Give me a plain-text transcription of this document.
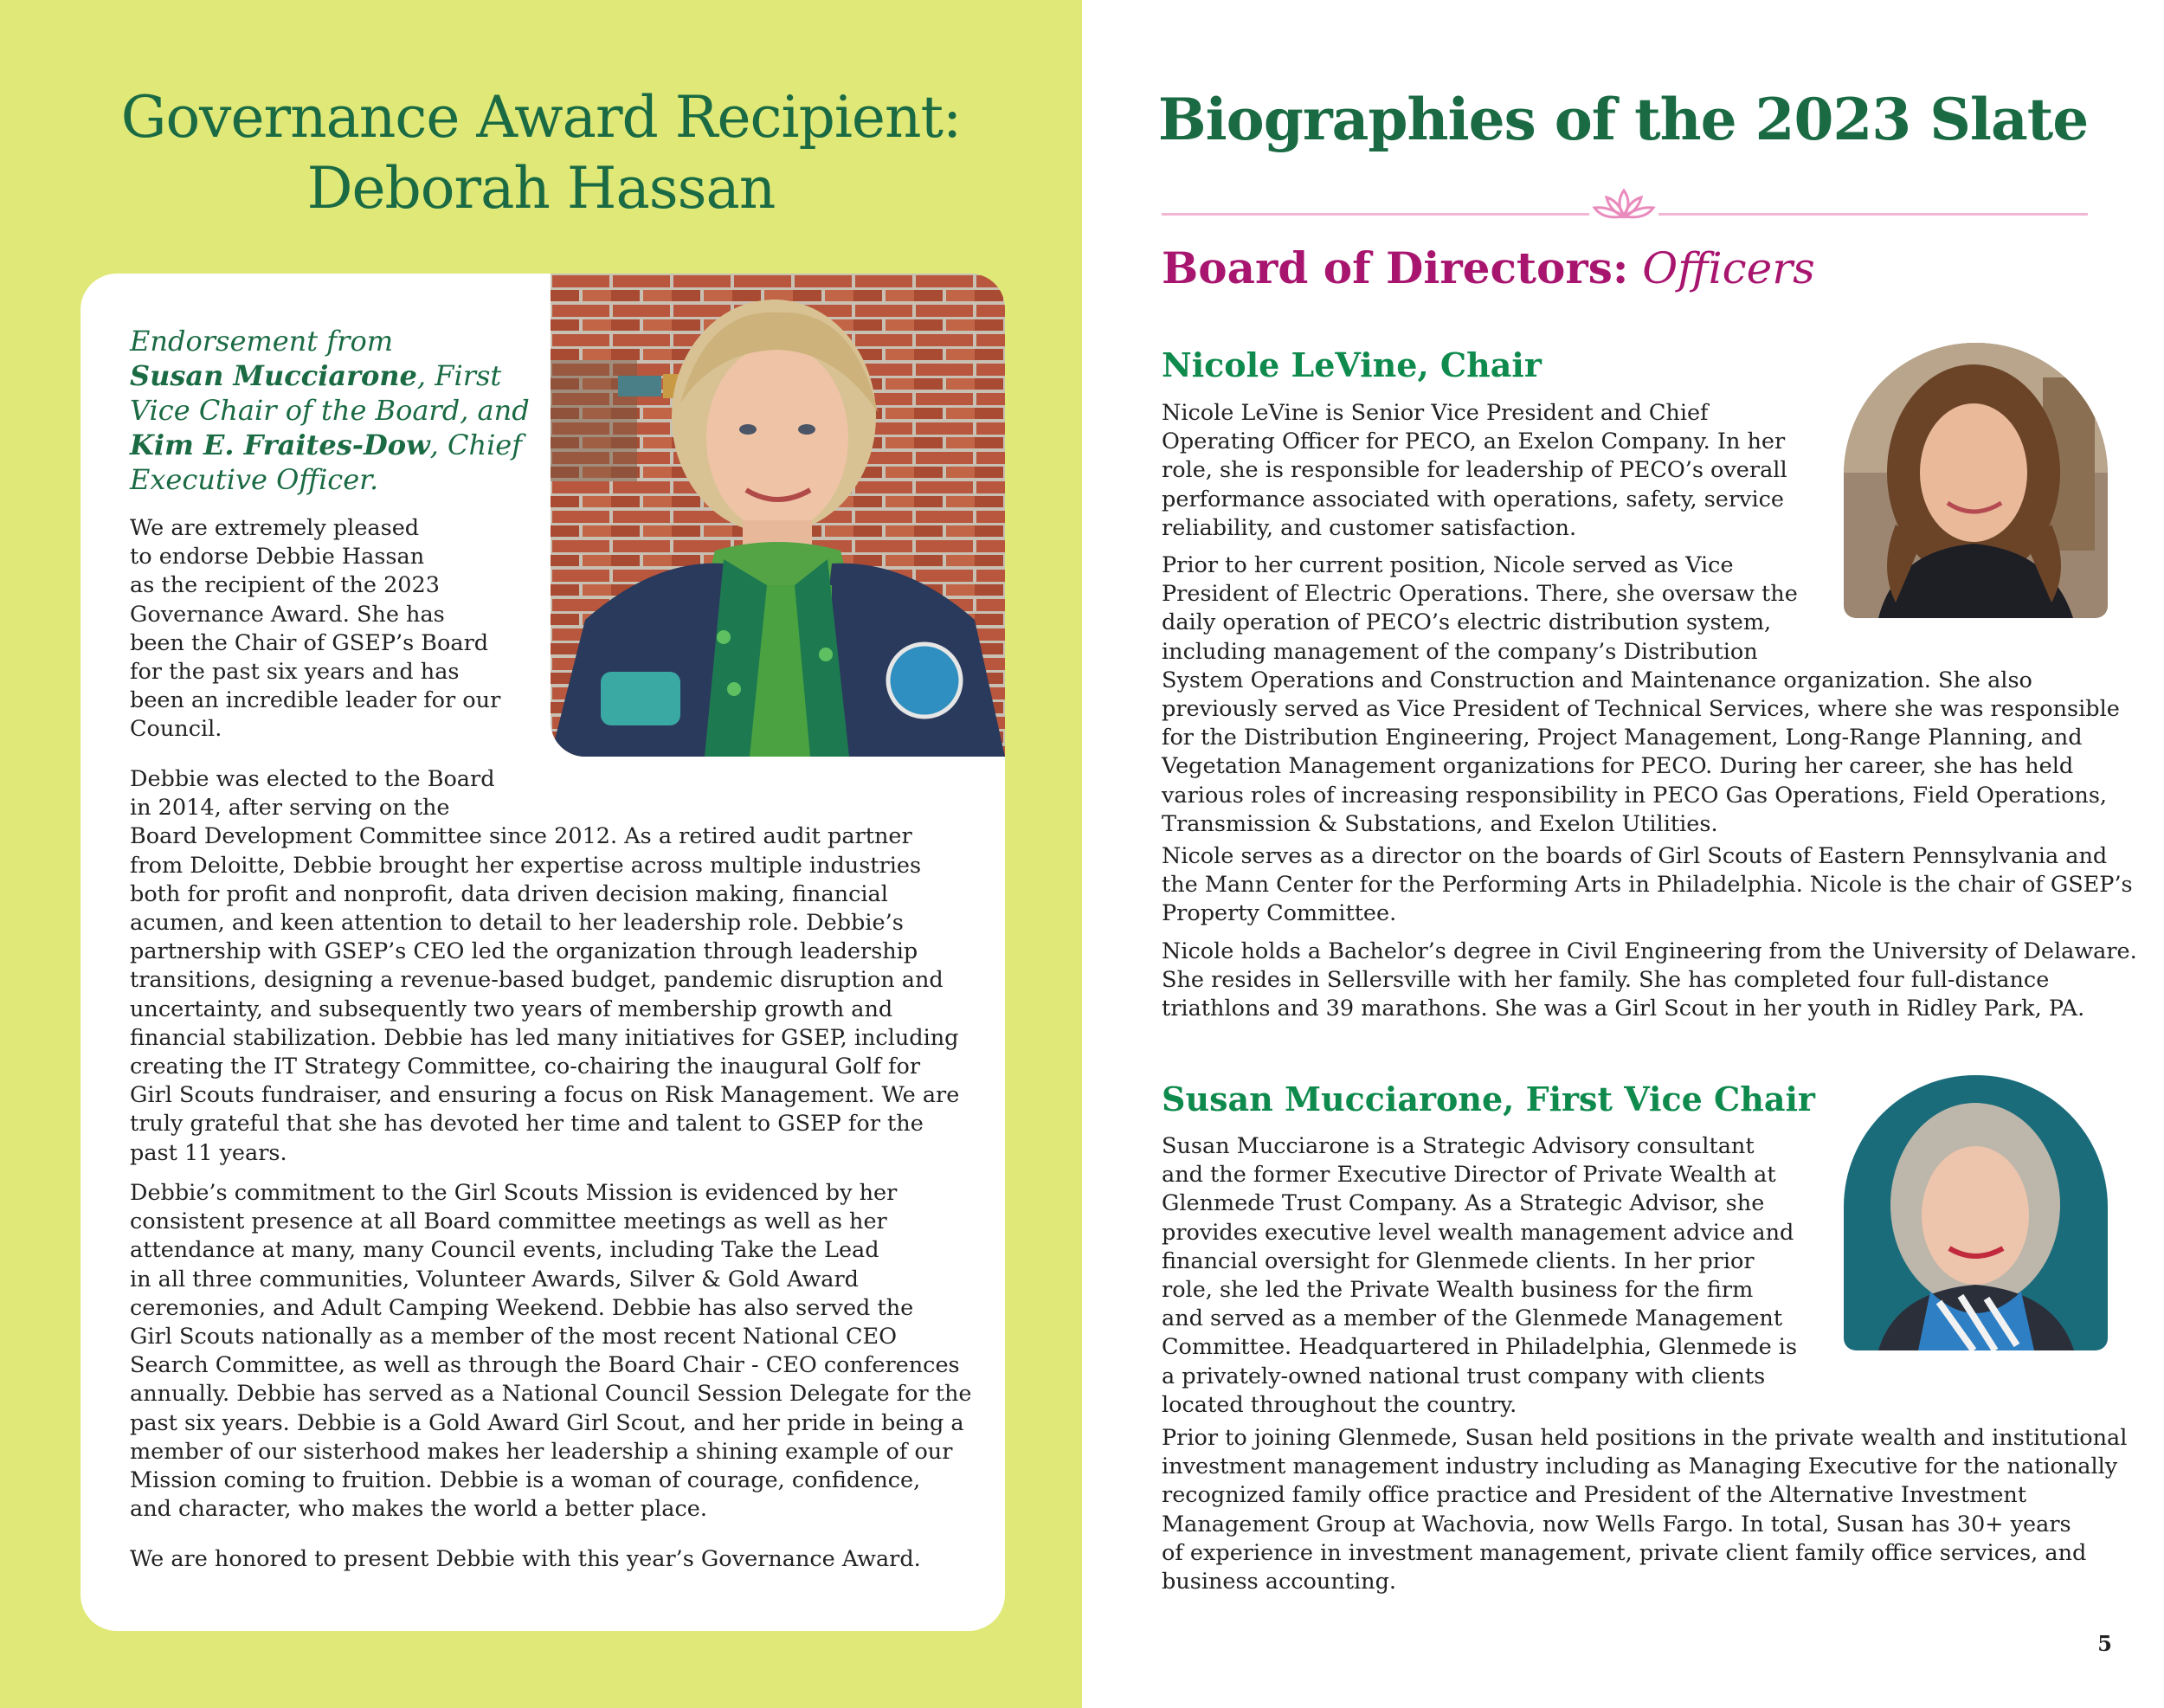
Governance Award Recipient:
Deborah Hassan
Endorsement from
Susan Mucciarone, First
Vice Chair of the Board, and
Kim E. Fraites-Dow, Chief
Executive Officer.
We are extremely pleased
to endorse Debbie Hassan
as the recipient of the 2023
Governance Award. She has
been the Chair of GSEP’s Board
for the past six years and has
been an incredible leader for our
Council.
Debbie was elected to the Board
in 2014, after serving on the
Board Development Committee since 2012. As a retired audit partner
from Deloitte, Debbie brought her expertise across multiple industries
both for profit and nonprofit, data driven decision making, financial
acumen, and keen attention to detail to her leadership role. Debbie’s
partnership with GSEP’s CEO led the organization through leadership
transitions, designing a revenue-based budget, pandemic disruption and
uncertainty, and subsequently two years of membership growth and
financial stabilization. Debbie has led many initiatives for GSEP, including
creating the IT Strategy Committee, co-chairing the inaugural Golf for
Girl Scouts fundraiser, and ensuring a focus on Risk Management. We are
truly grateful that she has devoted her time and talent to GSEP for the
past 11 years.
Debbie’s commitment to the Girl Scouts Mission is evidenced by her
consistent presence at all Board committee meetings as well as her
attendance at many, many Council events, including Take the Lead
in all three communities, Volunteer Awards, Silver & Gold Award
ceremonies, and Adult Camping Weekend. Debbie has also served the
Girl Scouts nationally as a member of the most recent National CEO
Search Committee, as well as through the Board Chair - CEO conferences
annually. Debbie has served as a National Council Session Delegate for the
past six years. Debbie is a Gold Award Girl Scout, and her pride in being a
member of our sisterhood makes her leadership a shining example of our
Mission coming to fruition. Debbie is a woman of courage, confidence,
and character, who makes the world a better place.
We are honored to present Debbie with this year’s Governance Award.
Biographies of the 2023 Slate
Board of Directors: Officers
Nicole LeVine, Chair
Nicole LeVine is Senior Vice President and Chief
Operating Officer for PECO, an Exelon Company. In her
role, she is responsible for leadership of PECO’s overall
performance associated with operations, safety, service
reliability, and customer satisfaction.
Prior to her current position, Nicole served as Vice
President of Electric Operations. There, she oversaw the
daily operation of PECO’s electric distribution system,
including management of the company’s Distribution
System Operations and Construction and Maintenance organization. She also
previously served as Vice President of Technical Services, where she was responsible
for the Distribution Engineering, Project Management, Long-Range Planning, and
Vegetation Management organizations for PECO. During her career, she has held
various roles of increasing responsibility in PECO Gas Operations, Field Operations,
Transmission & Substations, and Exelon Utilities.
Nicole serves as a director on the boards of Girl Scouts of Eastern Pennsylvania and
the Mann Center for the Performing Arts in Philadelphia. Nicole is the chair of GSEP’s
Property Committee.
Nicole holds a Bachelor’s degree in Civil Engineering from the University of Delaware.
She resides in Sellersville with her family. She has completed four full-distance
triathlons and 39 marathons. She was a Girl Scout in her youth in Ridley Park, PA.
Susan Mucciarone, First Vice Chair
Susan Mucciarone is a Strategic Advisory consultant
and the former Executive Director of Private Wealth at
Glenmede Trust Company. As a Strategic Advisor, she
provides executive level wealth management advice and
financial oversight for Glenmede clients. In her prior
role, she led the Private Wealth business for the firm
and served as a member of the Glenmede Management
Committee. Headquartered in Philadelphia, Glenmede is
a privately-owned national trust company with clients
located throughout the country.
Prior to joining Glenmede, Susan held positions in the private wealth and institutional
investment management industry including as Managing Executive for the nationally
recognized family office practice and President of the Alternative Investment
Management Group at Wachovia, now Wells Fargo. In total, Susan has 30+ years
of experience in investment management, private client family office services, and
business accounting.
5
